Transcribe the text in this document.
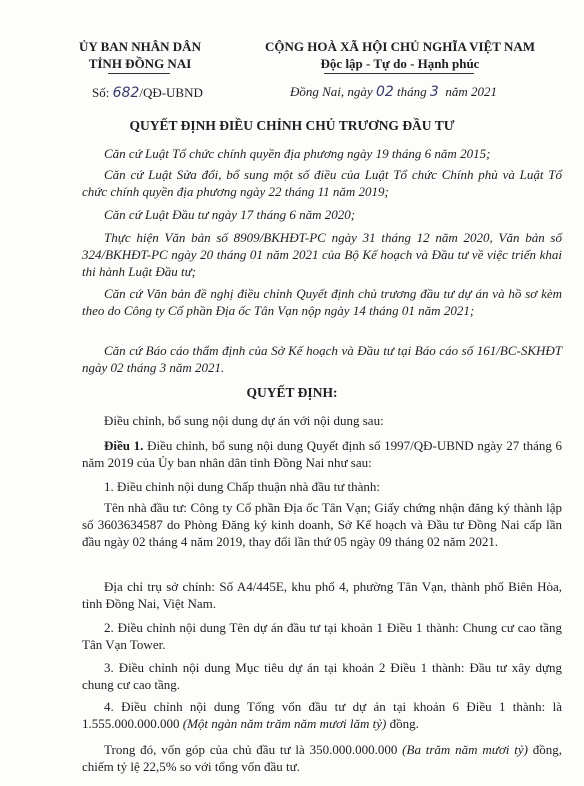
ỦY BAN NHÂN DÂN
TỈNH ĐỒNG NAI
CỘNG HOÀ XÃ HỘI CHỦ NGHĨA VIỆT NAM
Độc lập - Tự do - Hạnh phúc
Số: 682/QĐ-UBND	Đồng Nai, ngày 02 tháng 3 năm 2021
QUYẾT ĐỊNH ĐIỀU CHỈNH CHỦ TRƯƠNG ĐẦU TƯ
Căn cứ Luật Tổ chức chính quyền địa phương ngày 19 tháng 6 năm 2015;
Căn cứ Luật Sửa đổi, bổ sung một số điều của Luật Tổ chức Chính phủ và Luật Tổ chức chính quyền địa phương ngày 22 tháng 11 năm 2019;
Căn cứ Luật Đầu tư ngày 17 tháng 6 năm 2020;
Thực hiện Văn bản số 8909/BKHĐT-PC ngày 31 tháng 12 năm 2020, Văn bản số 324/BKHĐT-PC ngày 20 tháng 01 năm 2021 của Bộ Kế hoạch và Đầu tư về việc triển khai thi hành Luật Đầu tư;
Căn cứ Văn bản đề nghị điều chỉnh Quyết định chủ trương đầu tư dự án và hồ sơ kèm theo do Công ty Cổ phần Địa ốc Tân Vạn nộp ngày 14 tháng 01 năm 2021;
Căn cứ Báo cáo thẩm định của Sở Kế hoạch và Đầu tư tại Báo cáo số 161/BC-SKHĐT ngày 02 tháng 3 năm 2021.
QUYẾT ĐỊNH:
Điều chỉnh, bổ sung nội dung dự án với nội dung sau:
Điều 1. Điều chỉnh, bổ sung nội dung Quyết định số 1997/QĐ-UBND ngày 27 tháng 6 năm 2019 của Ủy ban nhân dân tỉnh Đồng Nai như sau:
1. Điều chỉnh nội dung Chấp thuận nhà đầu tư thành:
Tên nhà đầu tư: Công ty Cổ phần Địa ốc Tân Vạn; Giấy chứng nhận đăng ký thành lập số 3603634587 do Phòng Đăng ký kinh doanh, Sở Kế hoạch và Đầu tư Đồng Nai cấp lần đầu ngày 02 tháng 4 năm 2019, thay đổi lần thứ 05 ngày 09 tháng 02 năm 2021.
Địa chỉ trụ sở chính: Số A4/445E, khu phố 4, phường Tân Vạn, thành phố Biên Hòa, tỉnh Đồng Nai, Việt Nam.
2. Điều chỉnh nội dung Tên dự án đầu tư tại khoản 1 Điều 1 thành: Chung cư cao tầng Tân Vạn Tower.
3. Điều chỉnh nội dung Mục tiêu dự án tại khoản 2 Điều 1 thành: Đầu tư xây dựng chung cư cao tầng.
4. Điều chỉnh nội dung Tổng vốn đầu tư dự án tại khoản 6 Điều 1 thành: là 1.555.000.000.000 (Một ngàn năm trăm năm mươi lăm tỷ) đồng.
Trong đó, vốn góp của chủ đầu tư là 350.000.000.000 (Ba trăm năm mươi tỷ) đồng, chiếm tỷ lệ 22,5% so với tổng vốn đầu tư.
